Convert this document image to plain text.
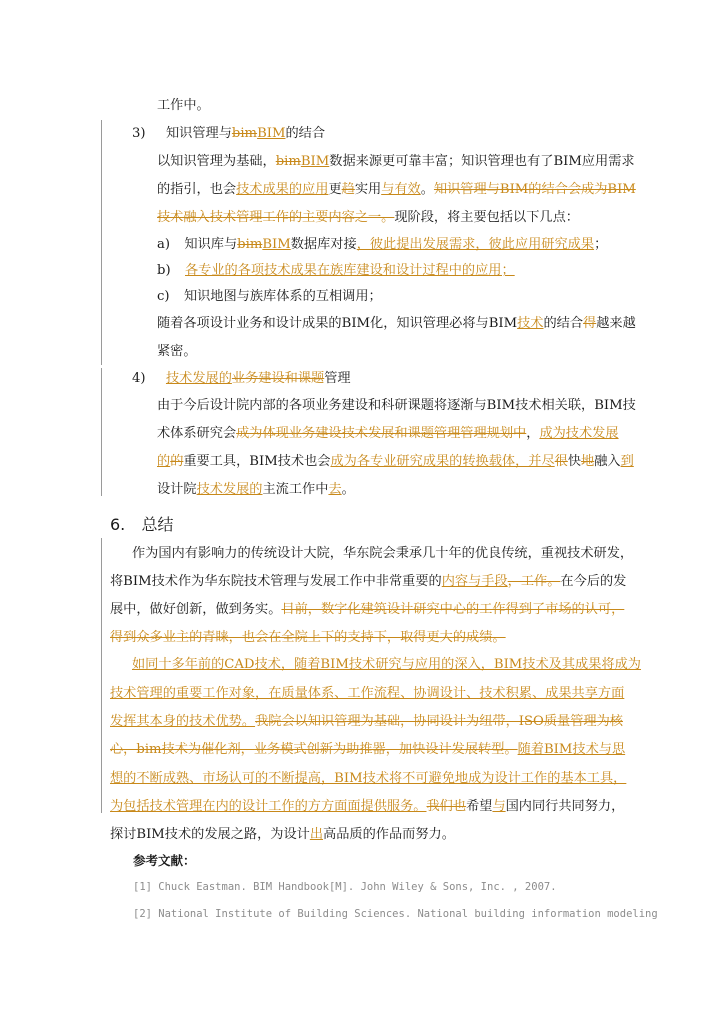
工作中。
3) 知识管理与bimBIM的结合
以知识管理为基础，bimBIM数据来源更可靠丰富；知识管理也有了BIM应用需求
的指引，也会技术成果的应用更趋实用与有效。知识管理与BIM的结合会成为BIM
技术融入技术管理工作的主要内容之一。现阶段，将主要包括以下几点：
a) 知识库与bimBIM数据库对接，彼此提出发展需求，彼此应用研究成果；
b) 各专业的各项技术成果在族库建设和设计过程中的应用；
c) 知识地图与族库体系的互相调用；
随着各项设计业务和设计成果的BIM化，知识管理必将与BIM技术的结合得越来越
紧密。
4) 技术发展的业务建设和课题管理
由于今后设计院内部的各项业务建设和科研课题将逐渐与BIM技术相关联，BIM技
术体系研究会成为体现业务建设技术发展和课题管理管理规划中，成为技术发展
的的重要工具，BIM技术也会成为各专业研究成果的转换载体，并尽很快地融入到
设计院技术发展的主流工作中去。
6. 总结
作为国内有影响力的传统设计大院，华东院会秉承几十年的优良传统，重视技术研发，
将BIM技术作为华东院技术管理与发展工作中非常重要的内容与手段，工作。在今后的发
展中，做好创新，做到务实。目前，数字化建筑设计研究中心的工作得到了市场的认可，
得到众多业主的青睐，也会在全院上下的支持下，取得更大的成绩。
如同十多年前的CAD技术，随着BIM技术研究与应用的深入，BIM技术及其成果将成为
技术管理的重要工作对象，在质量体系、工作流程、协调设计、技术积累、成果共享方面
发挥其本身的技术优势。我院会以知识管理为基础，协同设计为纽带，ISO质量管理为核
心，bim技术为催化剂，业务模式创新为助推器，加快设计发展转型。随着BIM技术与思
想的不断成熟、市场认可的不断提高，BIM技术将不可避免地成为设计工作的基本工具，
为包括技术管理在内的设计工作的方方面面提供服务。我们也希望与国内同行共同努力，
探讨BIM技术的发展之路，为设计出高品质的作品而努力。
参考文献：
[1] Chuck Eastman. BIM Handbook[M]. John Wiley & Sons, Inc. , 2007.
[2] National Institute of Building Sciences. National building information modeling
